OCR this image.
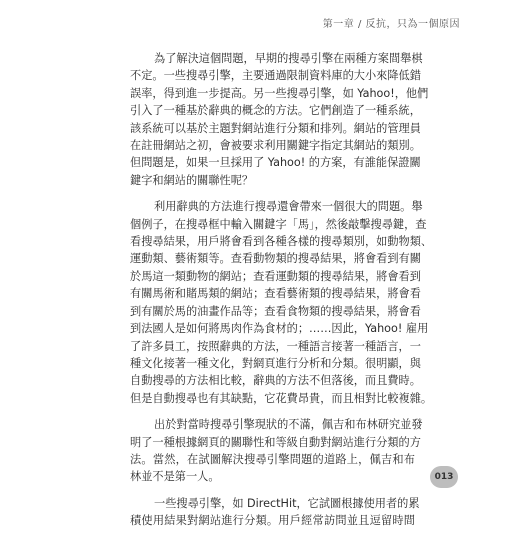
第一章 / 反抗，只為一個原因
為了解決這個問題，早期的搜尋引擎在兩種方案間舉棋
不定。一些搜尋引擎，主要通過限制資料庫的大小來降低錯
誤率，得到進一步提高。另一些搜尋引擎，如 Yahoo!，他們
引入了一種基於辭典的概念的方法。它們創造了一種系統，
該系統可以基於主題對網站進行分類和排列。網站的管理員
在註冊網站之初，會被要求利用關鍵字指定其網站的類別。
但問題是，如果一旦採用了 Yahoo! 的方案，有誰能保證關
鍵字和網站的關聯性呢？
利用辭典的方法進行搜尋還會帶來一個很大的問題。舉
個例子，在搜尋框中輸入關鍵字「馬」，然後敲擊搜尋鍵，查
看搜尋結果，用戶將會看到各種各樣的搜尋類別，如動物類、
運動類、藝術類等。查看動物類的搜尋結果，將會看到有關
於馬這一類動物的網站；查看運動類的搜尋結果，將會看到
有關馬術和賭馬類的網站；查看藝術類的搜尋結果，將會看
到有關於馬的油畫作品等；查看食物類的搜尋結果，將會看
到法國人是如何將馬肉作為食材的；……因此，Yahoo! 雇用
了許多員工，按照辭典的方法，一種語言接著一種語言，一
種文化接著一種文化，對網頁進行分析和分類。很明顯，與
自動搜尋的方法相比較，辭典的方法不但落後，而且費時。
但是自動搜尋也有其缺點，它花費昂貴，而且相對比較複雜。
出於對當時搜尋引擎現狀的不滿，佩吉和布林研究並發
明了一種根據網頁的關聯性和等級自動對網站進行分類的方
法。當然，在試圖解決搜尋引擎問題的道路上，佩吉和布
林並不是第一人。
一些搜尋引擎，如 DirectHit，它試圖根據使用者的累
積使用結果對網站進行分類。用戶經常訪問並且逗留時間
013
